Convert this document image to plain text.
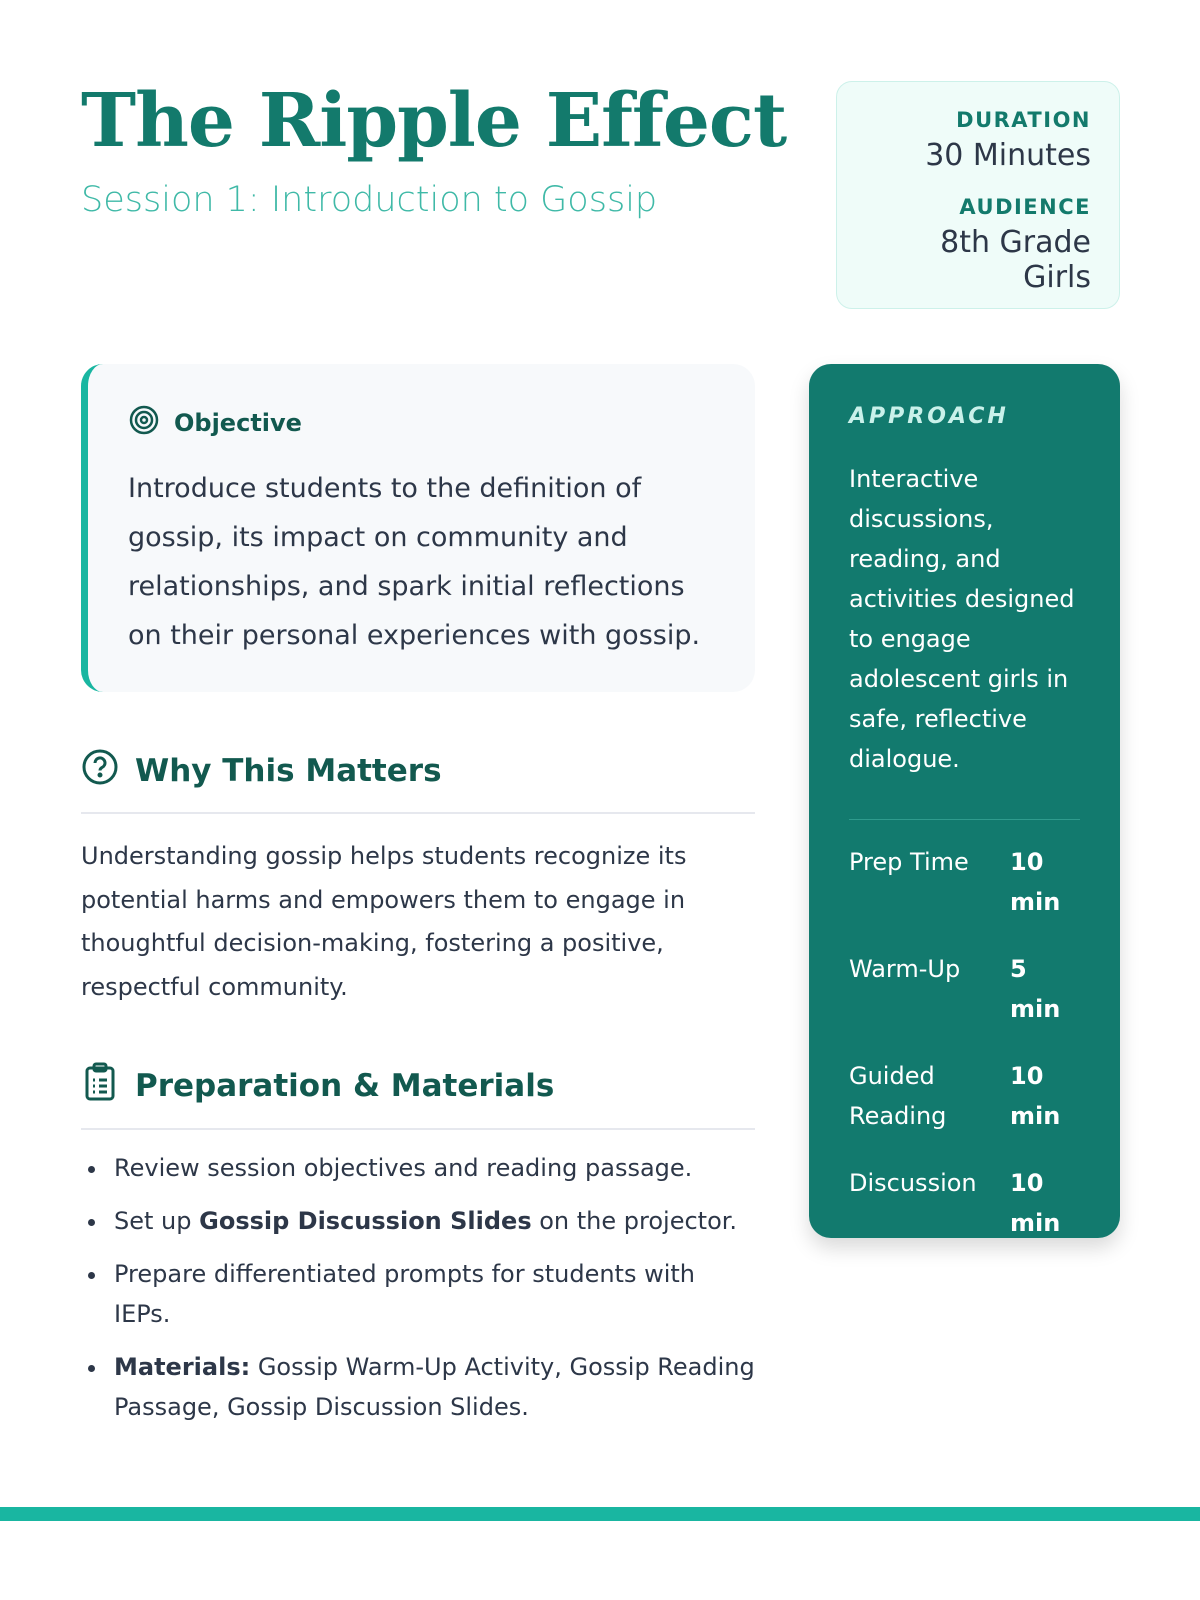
The Ripple Effect
Session 1: Introduction to Gossip
DURATION
30 Minutes
AUDIENCE
8th Grade Girls
Objective

Introduce students to the definition of gossip, its impact on community and relationships, and spark initial reflections on their personal experiences with gossip.

Why This Matters

Understanding gossip helps students recognize its potential harms and empowers them to engage in thoughtful decision-making, fostering a positive, respectful community.

Preparation & Materials
Review session objectives and reading passage.
Set up Gossip Discussion Slides on the projector.
Prepare differentiated prompts for students with IEPs.
Materials: Gossip Warm-Up Activity, Gossip Reading Passage, Gossip Discussion Slides.
APPROACH

Interactive discussions, reading, and activities designed to engage adolescent girls in safe, reflective dialogue.

Prep Time 10 min
Warm-Up 5 min
Guided Reading
10 min
Discussion 10 min
Cool Down 5 min
